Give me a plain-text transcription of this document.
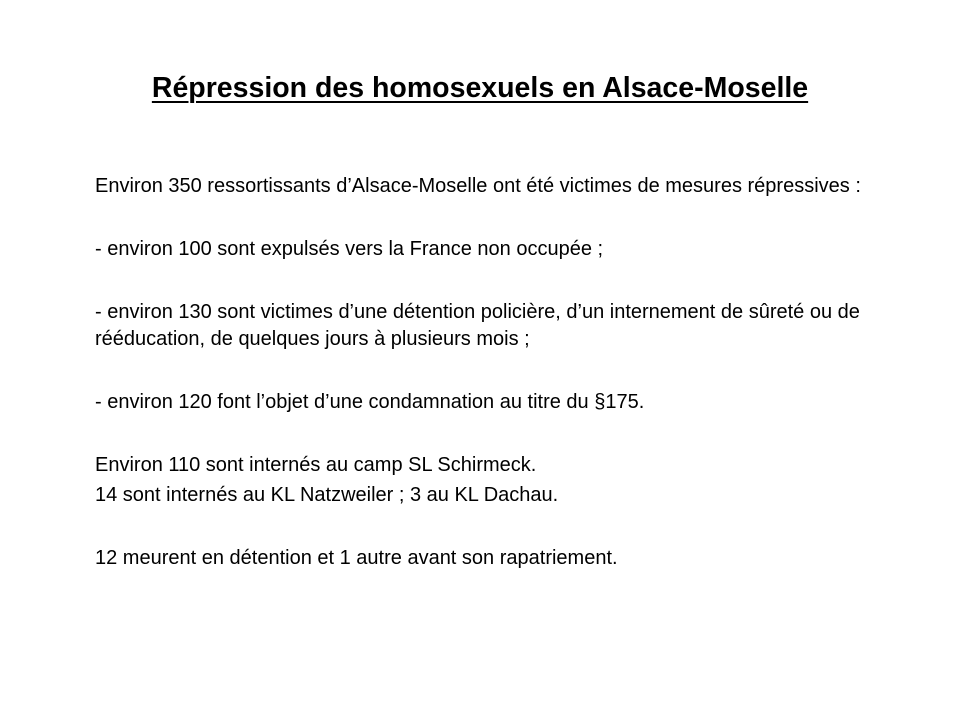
Répression des homosexuels en Alsace-Moselle

Environ 350 ressortissants d’Alsace-Moselle ont été victimes de mesures répressives :

- environ 100 sont expulsés vers la France non occupée ;

- environ 130 sont victimes d’une détention policière, d’un internement de sûreté ou de rééducation, de quelques jours à plusieurs mois ;

- environ 120 font l’objet d’une condamnation au titre du §175.

Environ 110 sont internés au camp SL Schirmeck.

14 sont internés au KL Natzweiler ; 3 au KL Dachau.

12 meurent en détention et 1 autre avant son rapatriement.
